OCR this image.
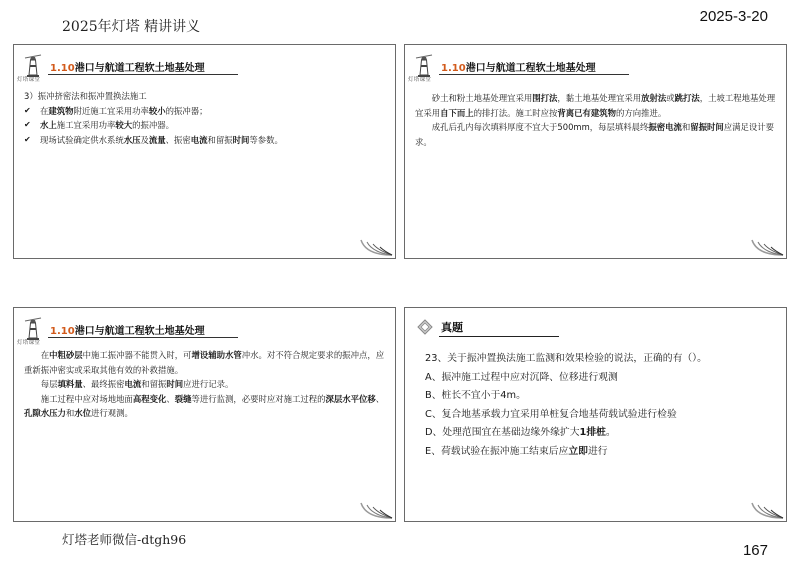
2025年灯塔 精讲讲义
2025-3-20
灯塔课堂
1.10港口与航道工程软土地基处理

3）振冲挤密法和振冲置换法施工

✔	在建筑物附近施工宜采用功率较小的振冲器；

✔	水上施工宜采用功率较大的振冲器。

✔	现场试验确定供水系统水压及流量、振密电流和留振时间等参数。

灯塔课堂
1.10港口与航道工程软土地基处理

砂土和粉土地基处理宜采用围打法，黏土地基处理宜采用放射法或跳打法，土坡工程地基处理宜采用自下而上的排打法。施工时应按背离已有建筑物的方向推进。

成孔后孔内每次填料厚度不宜大于500mm，每层填料晨终振密电流和留振时间应满足设计要求。

灯塔课堂
1.10港口与航道工程软土地基处理

在中粗砂层中施工振冲器不能贯入时，可增设辅助水管冲水。对不符合规定要求的振冲点，应重新振冲密实或采取其他有效的补救措施。

每层填料量、最终振密电流和留振时间应进行记录。

施工过程中应对场地地面高程变化、裂缝等进行监测，必要时应对施工过程的深层水平位移、孔隙水压力和水位进行观测。

真题

23、关于振冲置换法施工监测和效果检验的说法，正确的有（）。

A、振冲施工过程中应对沉降、位移进行观测

B、桩长不宜小于4m。

C、复合地基承载力宜采用单桩复合地基荷载试验进行检验

D、处理范围宜在基础边缘外缘扩大1排桩。

E、荷载试验在振冲施工结束后应立即进行

灯塔老师微信-dtgh96
167
